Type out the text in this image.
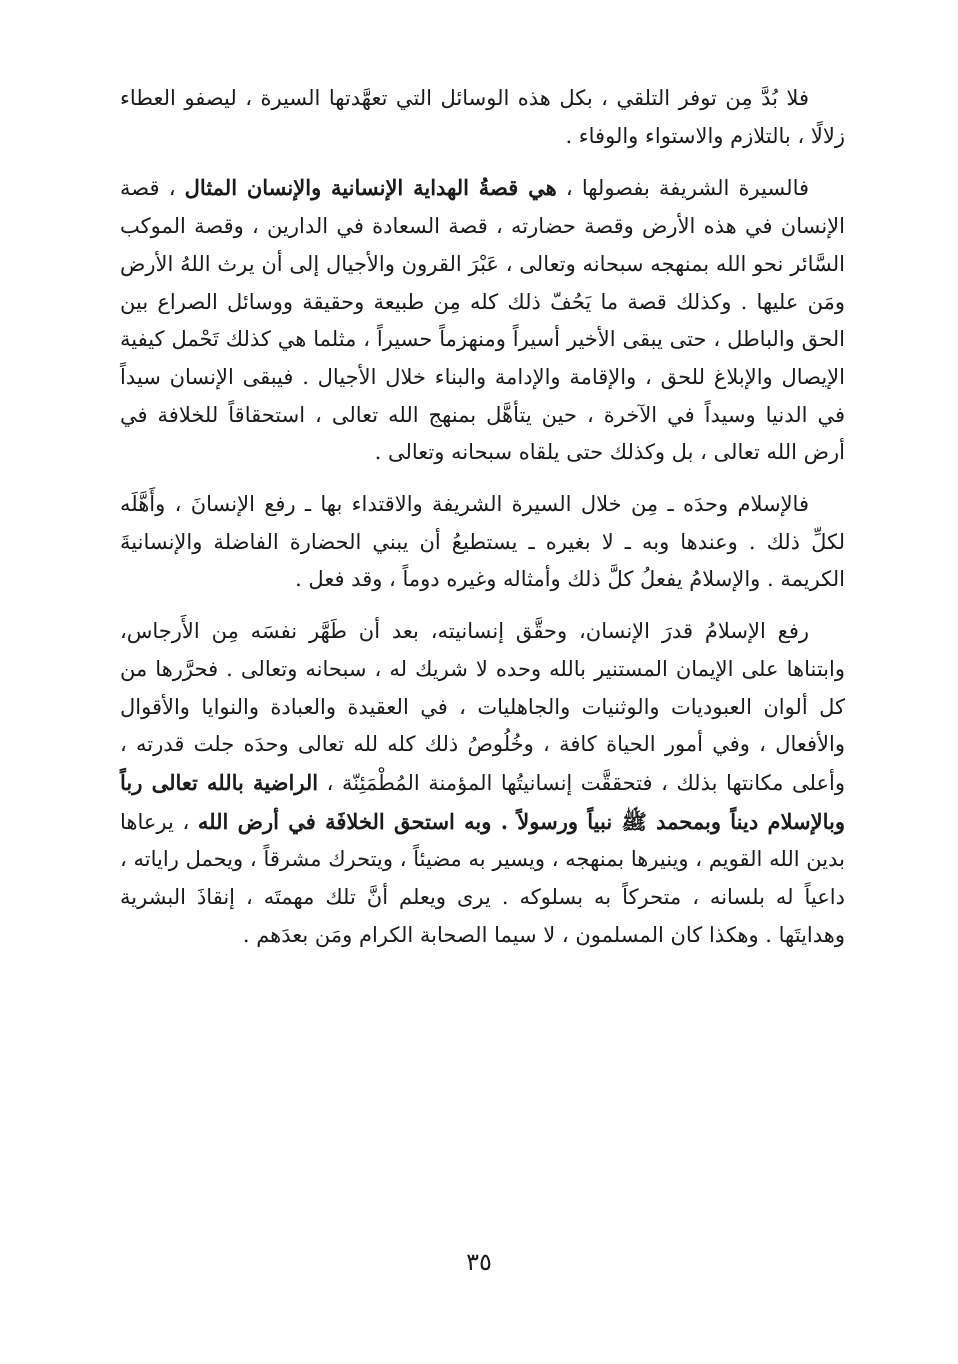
فلا بُدَّ مِن توفر التلقي ، بكل هذه الوسائل التي تعهَّدتها السيرة ، ليصفو العطاء زلالًا ، بالتلازم والاستواء والوفاء .

فالسيرة الشريفة بفصولها ، هي قصةُ الهداية الإنسانية والإنسان المثال ، قصة الإنسان في هذه الأرض وقصة حضارته ، قصة السعادة في الدارين ، وقصة الموكب السَّائر نحو الله بمنهجه سبحانه وتعالى ، عَبْرَ القرون والأجيال إلى أن يرث اللهُ الأرض ومَن عليها . وكذلك قصة ما يَحُفّ ذلك كله مِن طبيعة وحقيقة ووسائل الصراع بين الحق والباطل ، حتى يبقى الأخير أسيراً ومنهزماً حسيراً ، مثلما هي كذلك تَحْمل كيفية الإيصال والإبلاغ للحق ، والإقامة والإدامة والبناء خلال الأجيال . فيبقى الإنسان سيداً في الدنيا وسيداً في الآخرة ، حين يتأهَّل بمنهج الله تعالى ، استحقاقاً للخلافة في أرض الله تعالى ، بل وكذلك حتى يلقاه سبحانه وتعالى .

فالإسلام وحدَه ـ مِن خلال السيرة الشريفة والاقتداء بها ـ رفع الإنسانَ ، وأَهَّلَه لكلِّ ذلك . وعندها وبه ـ لا بغيره ـ يستطيعُ أن يبني الحضارة الفاضلة والإنسانيةَ الكريمة . والإسلامُ يفعلُ كلَّ ذلك وأمثاله وغيره دوماً ، وقد فعل .

رفع الإسلامُ قدرَ الإنسان، وحقَّق إنسانيته، بعد أن طَهَّر نفسَه مِن الأَرجاس، وابتناها على الإيمان المستنير بالله وحده لا شريك له ، سبحانه وتعالى . فحرَّرها من كل ألوان العبوديات والوثنيات والجاهليات ، في العقيدة والعبادة والنوايا والأقوال والأفعال ، وفي أمور الحياة كافة ، وخُلُوصُ ذلك كله لله تعالى وحدَه جلت قدرته ، وأعلى مكانتها بذلك ، فتحققَّت إنسانيتُها المؤمنة المُطْمَئِنّة ، الراضية بالله تعالى رباً وبالإسلام ديناً وبمحمد ﷺ نبياً ورسولاً . وبه استحق الخلافَة في أرض الله ، يرعاها بدين الله القويم ، وينيرها بمنهجه ، ويسير به مضيئاً ، ويتحرك مشرقاً ، ويحمل راياته ، داعياً له بلسانه ، متحركاً به بسلوكه . يرى ويعلم أنَّ تلك مهمتَه ، إنقاذَ البشرية وهدايتَها . وهكذا كان المسلمون ، لا سيما الصحابة الكرام ومَن بعدَهم .

٣٥
